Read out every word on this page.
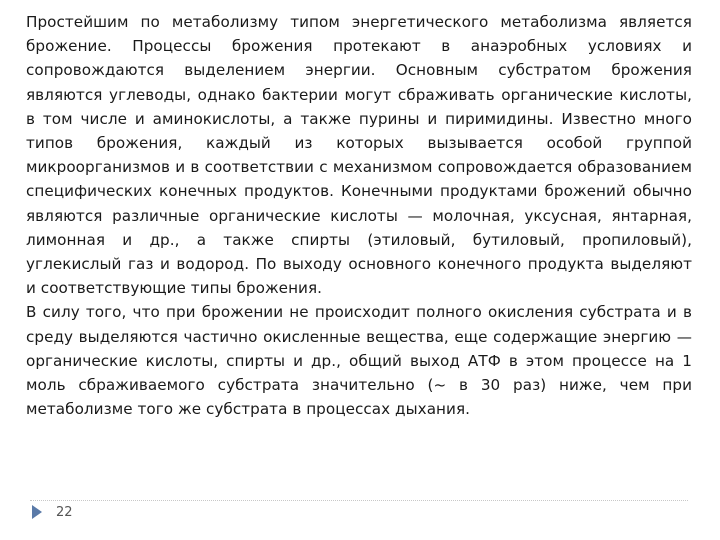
Простейшим по метаболизму типом энергетического метаболизма является брожение. Процессы брожения протекают в анаэробных условиях и сопровождаются выделением энергии. Основным субстратом брожения являются углеводы, однако бактерии могут сбраживать органические кислоты, в том числе и аминокислоты, а также пурины и пиримидины. Известно много типов брожения, каждый из которых вызывается особой группой микроорганизмов и в соответствии с механизмом сопровождается образованием специфических конечных продуктов. Конечными продуктами брожений обычно являются различные органические кислоты — молочная, уксусная, янтарная, лимонная и др., а также спирты (этиловый, бутиловый, пропиловый), углекислый газ и водород. По выходу основного конечного продукта выделяют и соответствующие типы брожения.

В силу того, что при брожении не происходит полного окисления субстрата и в среду выделяются частично окисленные вещества, еще содержащие энергию — органические кислоты, спирты и др., общий выход АТФ в этом процессе на 1 моль сбраживаемого субстрата значительно (~ в 30 раз) ниже, чем при метаболизме того же субстрата в процессах дыхания.

22
